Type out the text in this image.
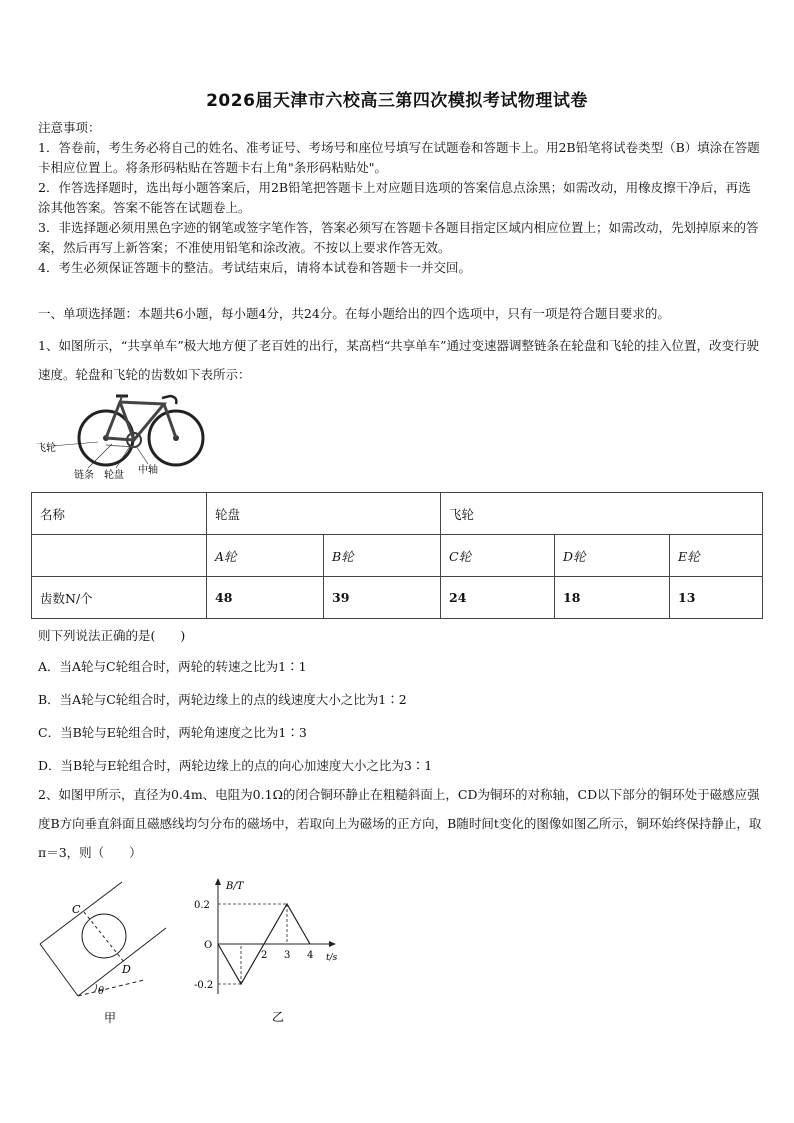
2026届天津市六校高三第四次模拟考试物理试卷

注意事项：

1．答卷前，考生务必将自己的姓名、准考证号、考场号和座位号填写在试题卷和答题卡上。用2B铅笔将试卷类型（B）填涂在答题卡相应位置上。将条形码粘贴在答题卡右上角"条形码粘贴处"。

2．作答选择题时，选出每小题答案后，用2B铅笔把答题卡上对应题目选项的答案信息点涂黑；如需改动，用橡皮擦干净后，再选涂其他答案。答案不能答在试题卷上。

3．非选择题必须用黑色字迹的钢笔或签字笔作答，答案必须写在答题卡各题目指定区域内相应位置上；如需改动，先划掉原来的答案，然后再写上新答案；不准使用铅笔和涂改液。不按以上要求作答无效。

4．考生必须保证答题卡的整洁。考试结束后，请将本试卷和答题卡一并交回。

一、单项选择题：本题共6小题，每小题4分，共24分。在每小题给出的四个选项中，只有一项是符合题目要求的。

1、如图所示，“共享单车”极大地方便了老百姓的出行，某高档“共享单车”通过变速器调整链条在轮盘和飞轮的挂入位置，改变行驶速度。轮盘和飞轮的齿数如下表所示：

飞轮
链条 轮盘 中轴
名称	轮盘		飞轮		
	A轮	B轮	C轮	D轮	E轮
齿数N/个	48	39	24	18	13

则下列说法正确的是(　　)

A．当A轮与C轮组合时，两轮的转速之比为1∶1

B．当A轮与C轮组合时，两轮边缘上的点的线速度大小之比为1∶2

C．当B轮与E轮组合时，两轮角速度之比为1∶3

D．当B轮与E轮组合时，两轮边缘上的点的向心加速度大小之比为3∶1

2、如图甲所示，直径为0.4m、电阻为0.1Ω的闭合铜环静止在粗糙斜面上，CD为铜环的对称轴，CD以下部分的铜环处于磁感应强度B方向垂直斜面且磁感线均匀分布的磁场中，若取向上为磁场的正方向，B随时间t变化的图像如图乙所示，铜环始终保持静止，取π＝3，则（　　）

C
D
θ
甲
B/T
t/s
2 3 4
0.2
O
-0.2
乙
